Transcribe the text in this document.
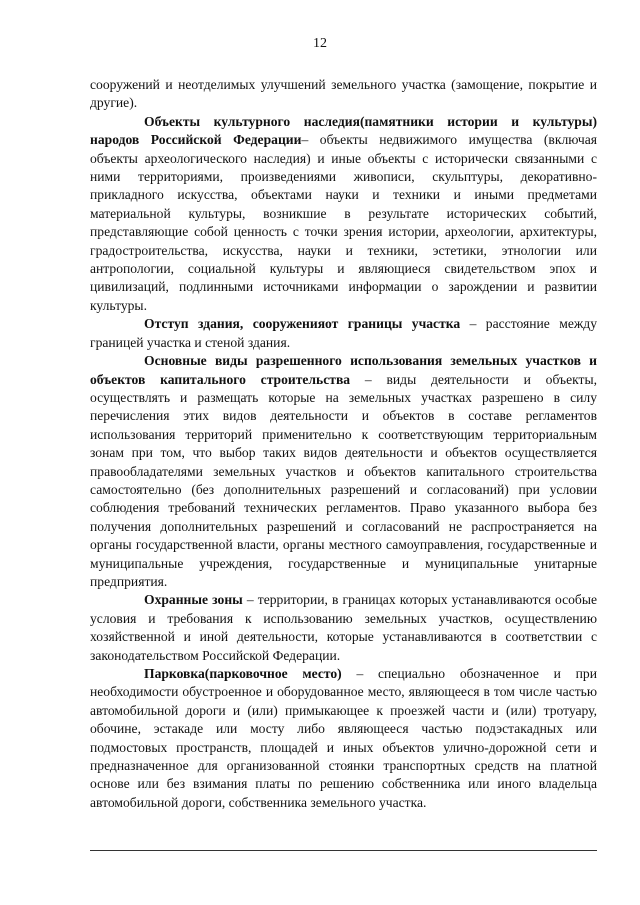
12

сооружений и неотделимых улучшений земельного участка (замощение, покрытие и другие).

Объекты культурного наследия(памятники истории и культуры) народов Российской Федерации– объекты недвижимого имущества (включая объекты археологического наследия) и иные объекты с исторически связанными с ними территориями, произведениями живописи, скульптуры, декоративно-прикладного искусства, объектами науки и техники и иными предметами материальной культуры, возникшие в результате исторических событий, представляющие собой ценность с точки зрения истории, археологии, архитектуры, градостроительства, искусства, науки и техники, эстетики, этнологии или антропологии, социальной культуры и являющиеся свидетельством эпох и цивилизаций, подлинными источниками информации о зарождении и развитии культуры.

Отступ здания, сооруженияот границы участка – расстояние между границей участка и стеной здания.

Основные виды разрешенного использования земельных участков и объектов капитального строительства – виды деятельности и объекты, осуществлять и размещать которые на земельных участках разрешено в силу перечисления этих видов деятельности и объектов в составе регламентов использования территорий применительно к соответствующим территориальным зонам при том, что выбор таких видов деятельности и объектов осуществляется правообладателями земельных участков и объектов капитального строительства самостоятельно (без дополнительных разрешений и согласований) при условии соблюдения требований технических регламентов. Право указанного выбора без получения дополнительных разрешений и согласований не распространяется на органы государственной власти, органы местного самоуправления, государственные и муниципальные учреждения, государственные и муниципальные унитарные предприятия.

Охранные зоны – территории, в границах которых устанавливаются особые условия и требования к использованию земельных участков, осуществлению хозяйственной и иной деятельности, которые устанавливаются в соответствии с законодательством Российской Федерации.

Парковка(парковочное место) – специально обозначенное и при необходимости обустроенное и оборудованное место, являющееся в том числе частью автомобильной дороги и (или) примыкающее к проезжей части и (или) тротуару, обочине, эстакаде или мосту либо являющееся частью подэстакадных или подмостовых пространств, площадей и иных объектов улично-дорожной сети и предназначенное для организованной стоянки транспортных средств на платной основе или без взимания платы по решению собственника или иного владельца автомобильной дороги, собственника земельного участка.
